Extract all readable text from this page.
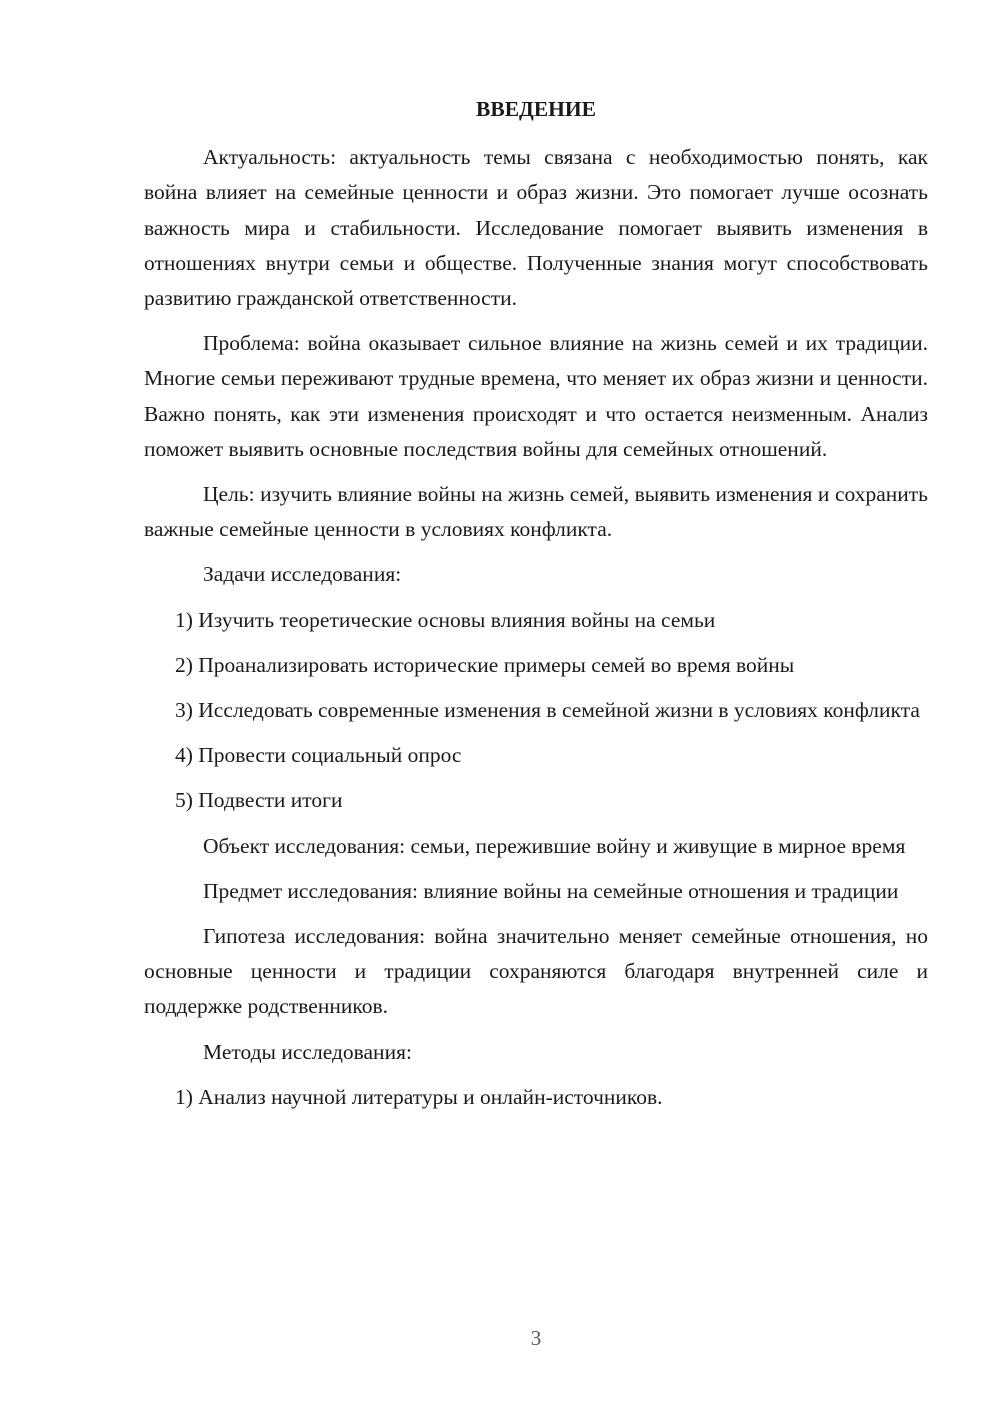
ВВЕДЕНИЕ

Актуальность: актуальность темы связана с необходимостью понять, как война влияет на семейные ценности и образ жизни. Это помогает лучше осознать важность мира и стабильности. Исследование помогает выявить изменения в отношениях внутри семьи и обществе. Полученные знания могут способствовать развитию гражданской ответственности.

Проблема: война оказывает сильное влияние на жизнь семей и их традиции. Многие семьи переживают трудные времена, что меняет их образ жизни и ценности. Важно понять, как эти изменения происходят и что остается неизменным. Анализ поможет выявить основные последствия войны для семейных отношений.

Цель: изучить влияние войны на жизнь семей, выявить изменения и сохранить важные семейные ценности в условиях конфликта.

Задачи исследования:

1) Изучить теоретические основы влияния войны на семьи

2) Проанализировать исторические примеры семей во время войны

3) Исследовать современные изменения в семейной жизни в условиях конфликта

4) Провести социальный опрос

5) Подвести итоги

Объект исследования: семьи, пережившие войну и живущие в мирное время

Предмет исследования: влияние войны на семейные отношения и традиции

Гипотеза исследования: война значительно меняет семейные отношения, но основные ценности и традиции сохраняются благодаря внутренней силе и поддержке родственников.

Методы исследования:

1) Анализ научной литературы и онлайн-источников.

3
